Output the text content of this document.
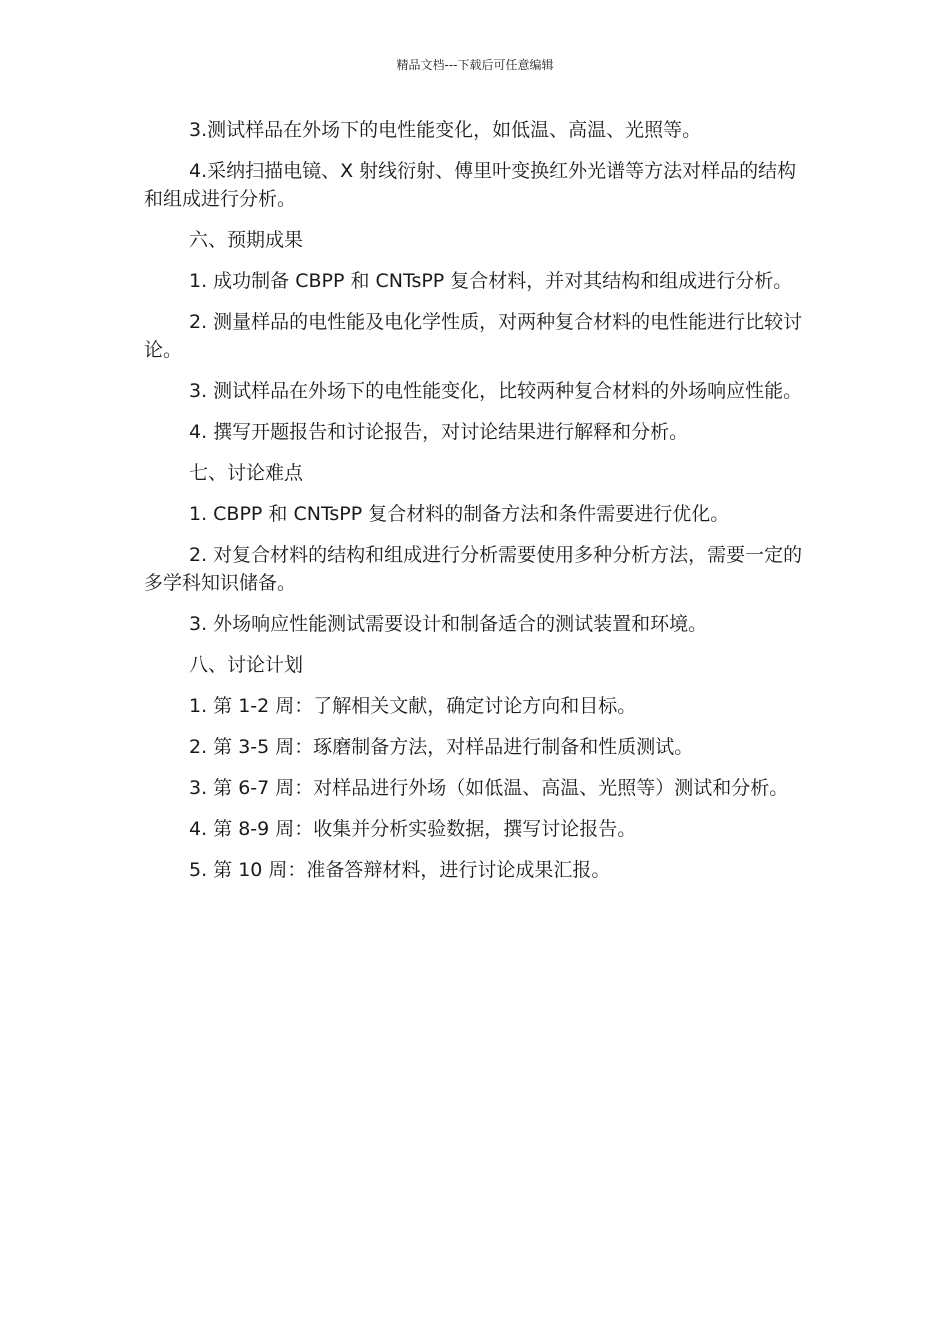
精品文档---下载后可任意编辑

3.测试样品在外场下的电性能变化，如低温、高温、光照等。

4.采纳扫描电镜、X 射线衍射、傅里叶变换红外光谱等方法对样品的结构和组成进行分析。

六、预期成果

1. 成功制备 CBPP 和 CNTsPP 复合材料，并对其结构和组成进行分析。

2. 测量样品的电性能及电化学性质，对两种复合材料的电性能进行比较讨论。

3. 测试样品在外场下的电性能变化，比较两种复合材料的外场响应性能。

4. 撰写开题报告和讨论报告，对讨论结果进行解释和分析。

七、讨论难点

1. CBPP 和 CNTsPP 复合材料的制备方法和条件需要进行优化。

2. 对复合材料的结构和组成进行分析需要使用多种分析方法，需要一定的多学科知识储备。

3. 外场响应性能测试需要设计和制备适合的测试装置和环境。

八、讨论计划

1. 第 1-2 周：了解相关文献，确定讨论方向和目标。

2. 第 3-5 周：琢磨制备方法，对样品进行制备和性质测试。

3. 第 6-7 周：对样品进行外场（如低温、高温、光照等）测试和分析。

4. 第 8-9 周：收集并分析实验数据，撰写讨论报告。

5. 第 10 周：准备答辩材料，进行讨论成果汇报。
